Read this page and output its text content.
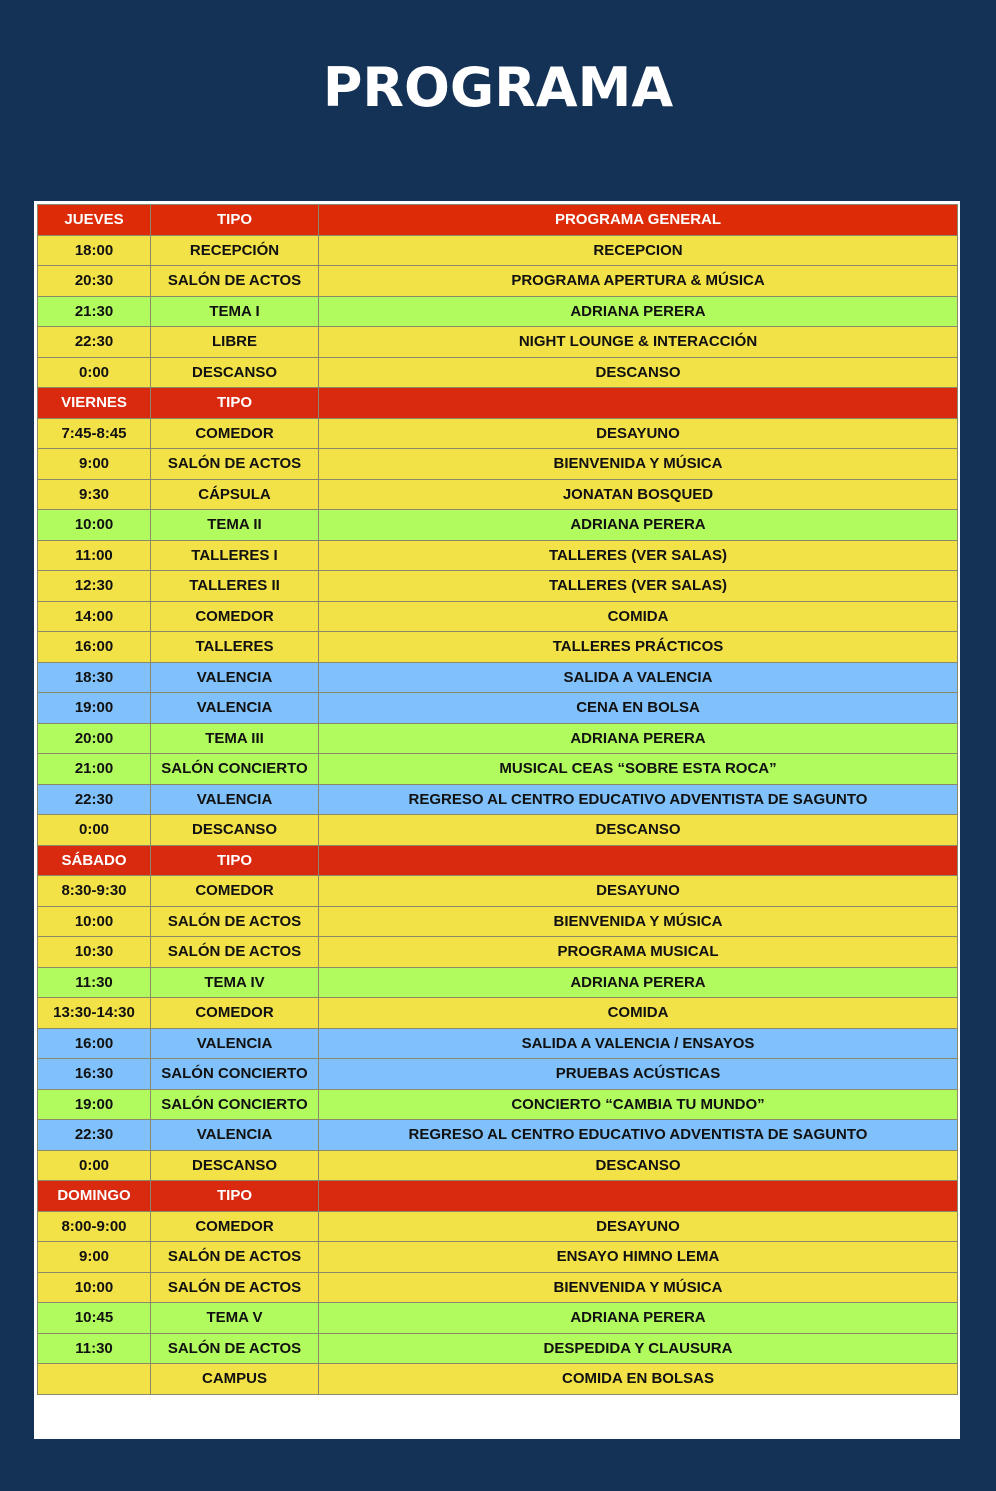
PROGRAMA
JUEVES	TIPO	PROGRAMA GENERAL
18:00	RECEPCIÓN	RECEPCION
20:30	SALÓN DE ACTOS	PROGRAMA APERTURA & MÚSICA
21:30	TEMA I	ADRIANA PERERA
22:30	LIBRE	NIGHT LOUNGE & INTERACCIÓN
0:00	DESCANSO	DESCANSO
VIERNES	TIPO	
7:45-8:45	COMEDOR	DESAYUNO
9:00	SALÓN DE ACTOS	BIENVENIDA Y MÚSICA
9:30	CÁPSULA	JONATAN BOSQUED
10:00	TEMA II	ADRIANA PERERA
11:00	TALLERES I	TALLERES (VER SALAS)
12:30	TALLERES II	TALLERES (VER SALAS)
14:00	COMEDOR	COMIDA
16:00	TALLERES	TALLERES PRÁCTICOS
18:30	VALENCIA	SALIDA A VALENCIA
19:00	VALENCIA	CENA EN BOLSA
20:00	TEMA III	ADRIANA PERERA
21:00	SALÓN CONCIERTO	MUSICAL CEAS “SOBRE ESTA ROCA”
22:30	VALENCIA	REGRESO AL CENTRO EDUCATIVO ADVENTISTA DE SAGUNTO
0:00	DESCANSO	DESCANSO
SÁBADO	TIPO	
8:30-9:30	COMEDOR	DESAYUNO
10:00	SALÓN DE ACTOS	BIENVENIDA Y MÚSICA
10:30	SALÓN DE ACTOS	PROGRAMA MUSICAL
11:30	TEMA IV	ADRIANA PERERA
13:30-14:30	COMEDOR	COMIDA
16:00	VALENCIA	SALIDA A VALENCIA / ENSAYOS
16:30	SALÓN CONCIERTO	PRUEBAS ACÚSTICAS
19:00	SALÓN CONCIERTO	CONCIERTO “CAMBIA TU MUNDO”
22:30	VALENCIA	REGRESO AL CENTRO EDUCATIVO ADVENTISTA DE SAGUNTO
0:00	DESCANSO	DESCANSO
DOMINGO	TIPO	
8:00-9:00	COMEDOR	DESAYUNO
9:00	SALÓN DE ACTOS	ENSAYO HIMNO LEMA
10:00	SALÓN DE ACTOS	BIENVENIDA Y MÚSICA
10:45	TEMA V	ADRIANA PERERA
11:30	SALÓN DE ACTOS	DESPEDIDA Y CLAUSURA
	CAMPUS	COMIDA EN BOLSAS
